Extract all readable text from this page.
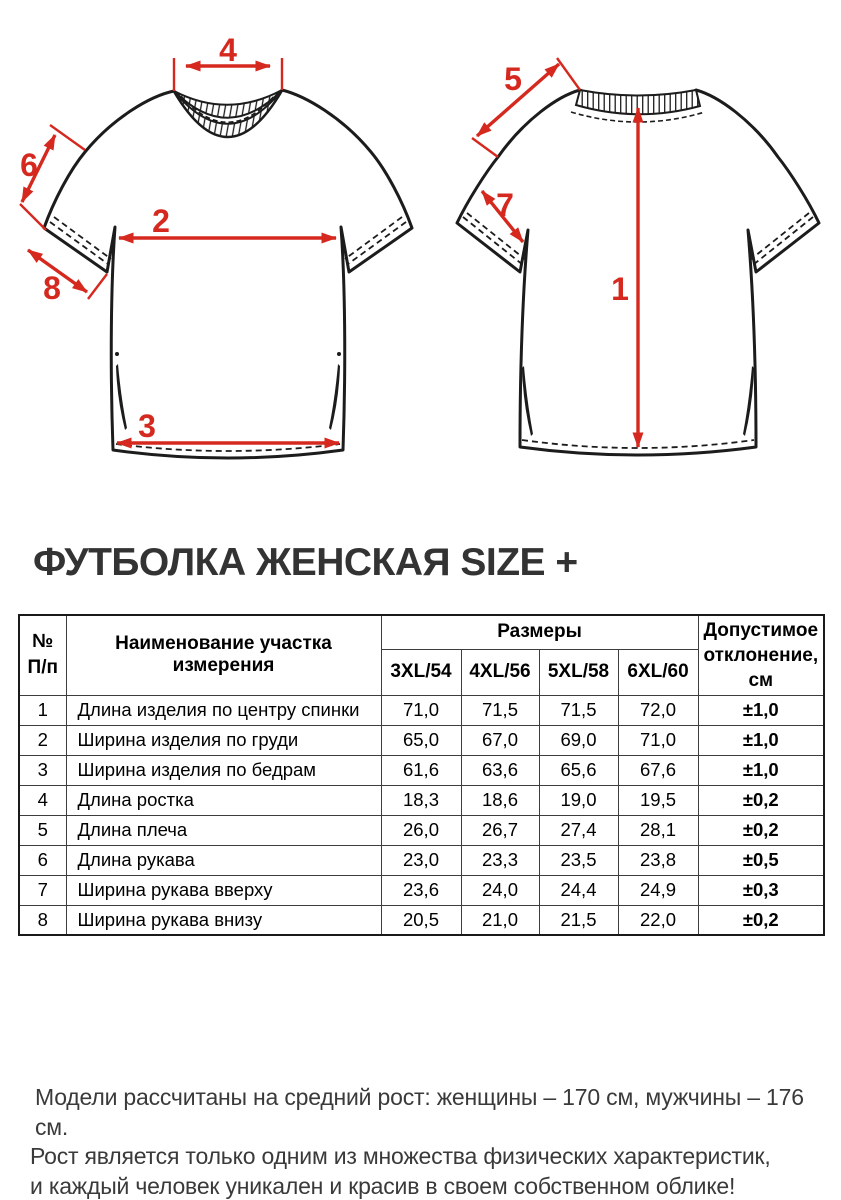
4
6
8
2
3
1
5
7
ФУТБОЛКА ЖЕНСКАЯ SIZE +
№
П/п
	Наименование участка измерения	Размеры	Допустимое
отклонение,
см

		3XL/54	4XL/56	5XL/58	6XL/60	
1	Длина изделия по центру спинки	71,0	71,5	71,5	72,0	±1,0
2	Ширина изделия по груди	65,0	67,0	69,0	71,0	±1,0
3	Ширина изделия по бедрам	61,6	63,6	65,6	67,6	±1,0
4	Длина ростка	18,3	18,6	19,0	19,5	±0,2
5	Длина плеча	26,0	26,7	27,4	28,1	±0,2
6	Длина рукава	23,0	23,3	23,5	23,8	±0,5
7	Ширина рукава вверху	23,6	24,0	24,4	24,9	±0,3
8	Ширина рукава внизу	20,5	21,0	21,5	22,0	±0,2
Модели рассчитаны на средний рост: женщины – 170 см, мужчины – 176 см.
Рост является только одним из множества физических характеристик,
и каждый человек уникален и красив в своем собственном облике!
